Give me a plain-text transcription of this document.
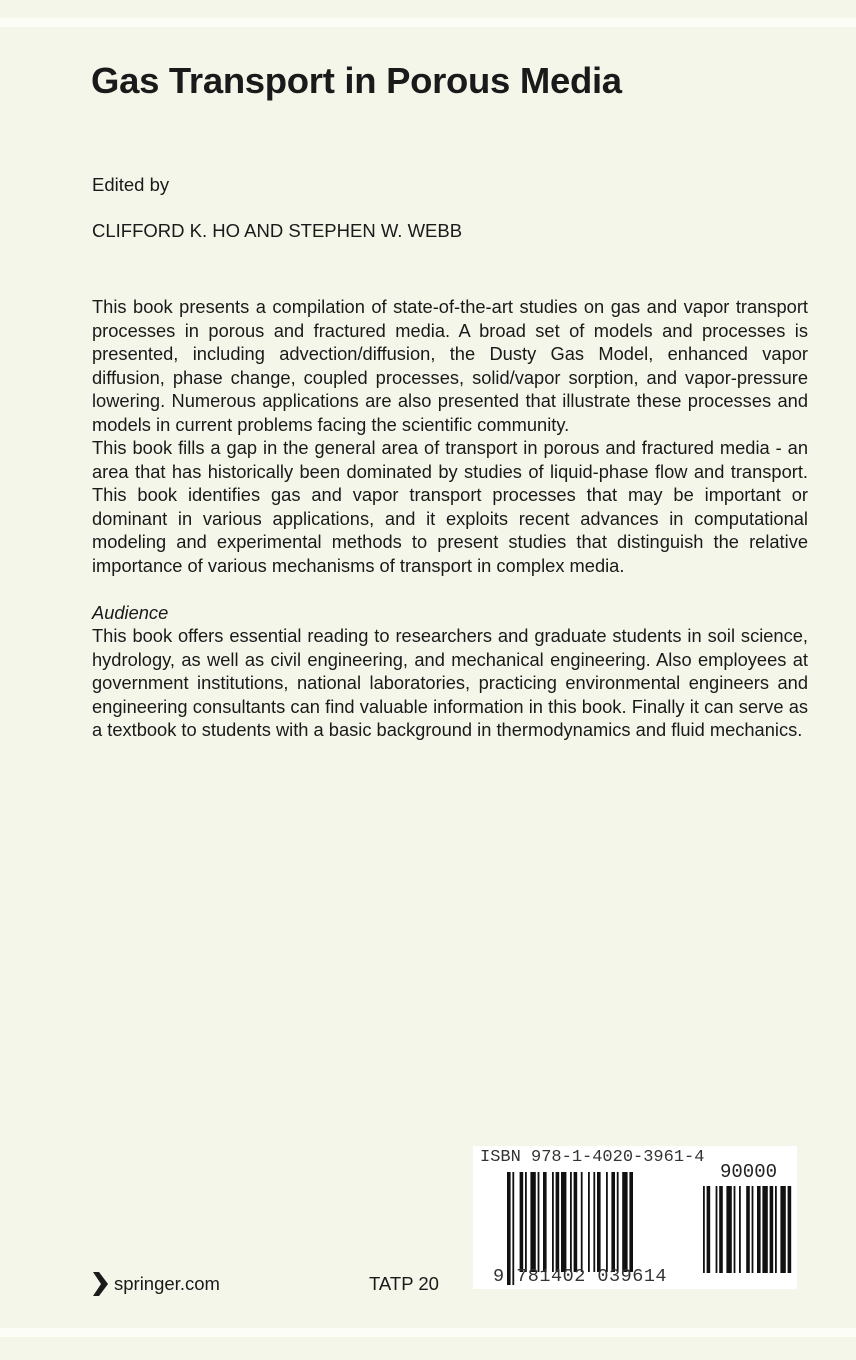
Gas Transport in Porous Media
Edited by
CLIFFORD K. HO AND STEPHEN W. WEBB

This book presents a compilation of state-of-the-art studies on gas and vapor transport processes in porous and fractured media. A broad set of models and processes is presented, including advection/diffusion, the Dusty Gas Model, enhanced vapor diffusion, phase change, coupled processes, solid/vapor sorption, and vapor-pressure lowering. Numerous applications are also presented that illustrate these processes and models in current problems facing the scientific community.

This book fills a gap in the general area of transport in porous and fractured media - an area that has historically been dominated by studies of liquid-phase flow and transport. This book identifies gas and vapor transport processes that may be important or dominant in various applications, and it exploits recent advances in computational modeling and experimental methods to present studies that distinguish the relative importance of various mechanisms of transport in complex media.

Audience

This book offers essential reading to researchers and graduate students in soil science, hydrology, as well as civil engineering, and mechanical engineering. Also employees at government institutions, national laboratories, practicing environmental engineers and engineering consultants can find valuable information in this book. Finally it can serve as a textbook to students with a basic background in thermodynamics and fluid mechanics.

springer.com	TATP 20
ISBN 978-1-4020-3961-4
90000
9 781402 039614
